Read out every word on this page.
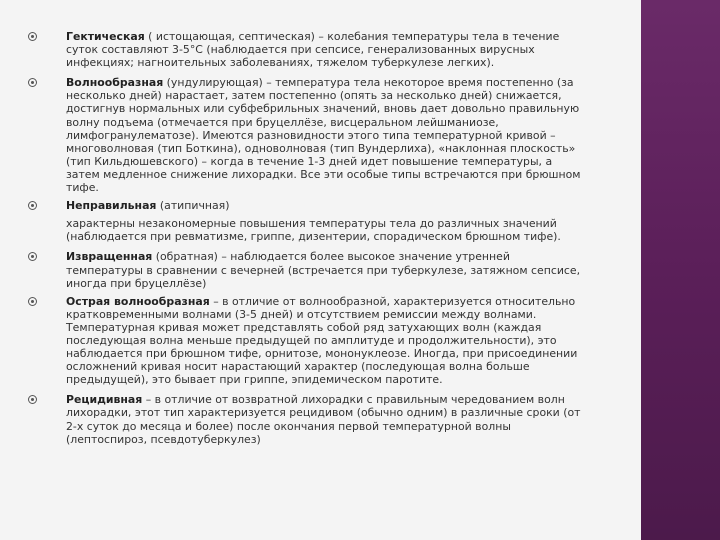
Гектическая ( истощающая, септическая) – колебания температуры тела в течение суток составляют 3-5°С (наблюдается при сепсисе, генерализованных вирусных инфекциях; нагноительных заболеваниях, тяжелом туберкулезе легких).
Волнообразная (ундулирующая) – температура тела некоторое время постепенно (за несколько дней) нарастает, затем постепенно (опять за несколько дней) снижается, достигнув нормальных или субфебрильных значений, вновь дает довольно правильную волну подъема (отмечается при бруцеллёзе, висцеральном лейшманиозе, лимфогранулематозе). Имеются разновидности этого типа температурной кривой – многоволновая (тип Боткина), одноволновая (тип Вундерлиха), «наклонная плоскость» (тип Кильдюшевского) – когда в течение 1-3 дней идет повышение температуры, а затем медленное снижение лихорадки. Все эти особые типы встречаются при брюшном тифе.
Неправильная (атипичная)
характерны незакономерные повышения температуры тела до различных значений (наблюдается при ревматизме, гриппе, дизентерии, спорадическом брюшном тифе).
Извращенная (обратная) – наблюдается более высокое значение утренней температуры в сравнении с вечерней (встречается при туберкулезе, затяжном сепсисе, иногда при бруцеллёзе)
Острая волнообразная – в отличие от волнообразной, характеризуется относительно кратковременными волнами (3-5 дней) и отсутствием ремиссии между волнами. Температурная кривая может представлять собой ряд затухающих волн (каждая последующая волна меньше предыдущей по амплитуде и продолжительности), это наблюдается при брюшном тифе, орнитозе, мононуклеозе. Иногда, при присоединении осложнений кривая носит нарастающий характер (последующая волна больше предыдущей), это бывает при гриппе, эпидемическом паротите.
Рецидивная – в отличие от возвратной лихорадки с правильным чередованием волн лихорадки, этот тип характеризуется рецидивом (обычно одним) в различные сроки (от 2-х суток до месяца и более) после окончания первой температурной волны (лептоспироз, псевдотуберкулез)
